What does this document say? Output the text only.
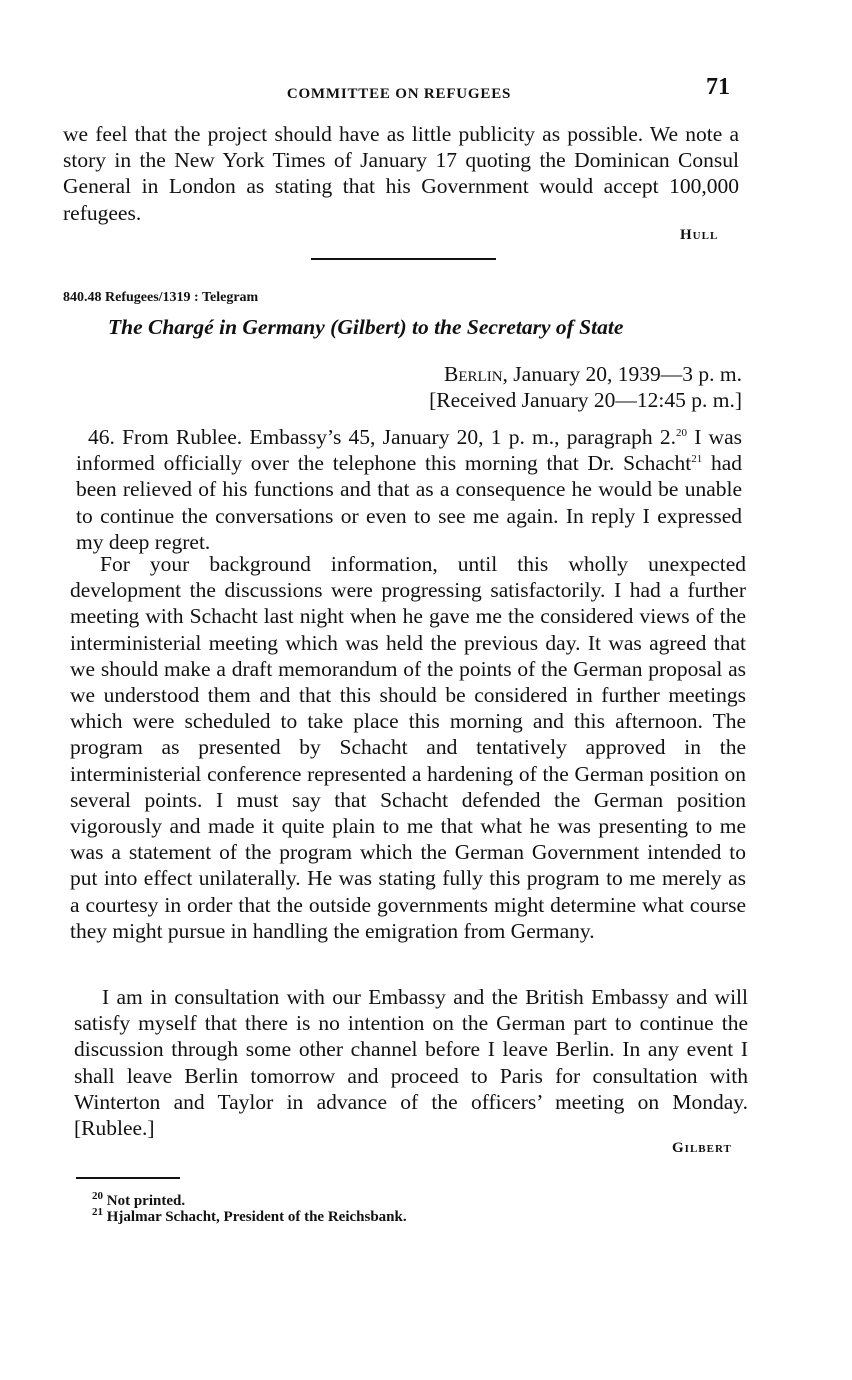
COMMITTEE ON REFUGEES	71
we feel that the project should have as little publicity as possible. We note a story in the New York Times of January 17 quoting the Dominican Consul General in London as stating that his Government would accept 100,000 refugees.
Hull
840.48 Refugees/1319 : Telegram
The Chargé in Germany (Gilbert) to the Secretary of State
Berlin, January 20, 1939—3 p. m.
[Received January 20—12:45 p. m.]
46. From Rublee. Embassy’s 45, January 20, 1 p. m., paragraph 2.20 I was informed officially over the telephone this morning that Dr. Schacht$^{21}$ had been relieved of his functions and that as a consequence he would be unable to continue the conversations or even to see me again. In reply I expressed my deep regret.
For your background information, until this wholly unexpected development the discussions were progressing satisfactorily. I had a further meeting with Schacht last night when he gave me the considered views of the interministerial meeting which was held the previous day. It was agreed that we should make a draft memorandum of the points of the German proposal as we understood them and that this should be considered in further meetings which were scheduled to take place this morning and this afternoon. The program as presented by Schacht and tentatively approved in the interministerial conference represented a hardening of the German position on several points. I must say that Schacht defended the German position vigorously and made it quite plain to me that what he was presenting to me was a statement of the program which the German Government intended to put into effect unilaterally. He was stating fully this program to me merely as a courtesy in order that the outside governments might determine what course they might pursue in handling the emigration from Germany.
I am in consultation with our Embassy and the British Embassy and will satisfy myself that there is no intention on the German part to continue the discussion through some other channel before I leave Berlin. In any event I shall leave Berlin tomorrow and proceed to Paris for consultation with Winterton and Taylor in advance of the officers’ meeting on Monday. [Rublee.]
Gilbert
$^{20}$ Not printed.
$^{21}$ Hjalmar Schacht, President of the Reichsbank.
